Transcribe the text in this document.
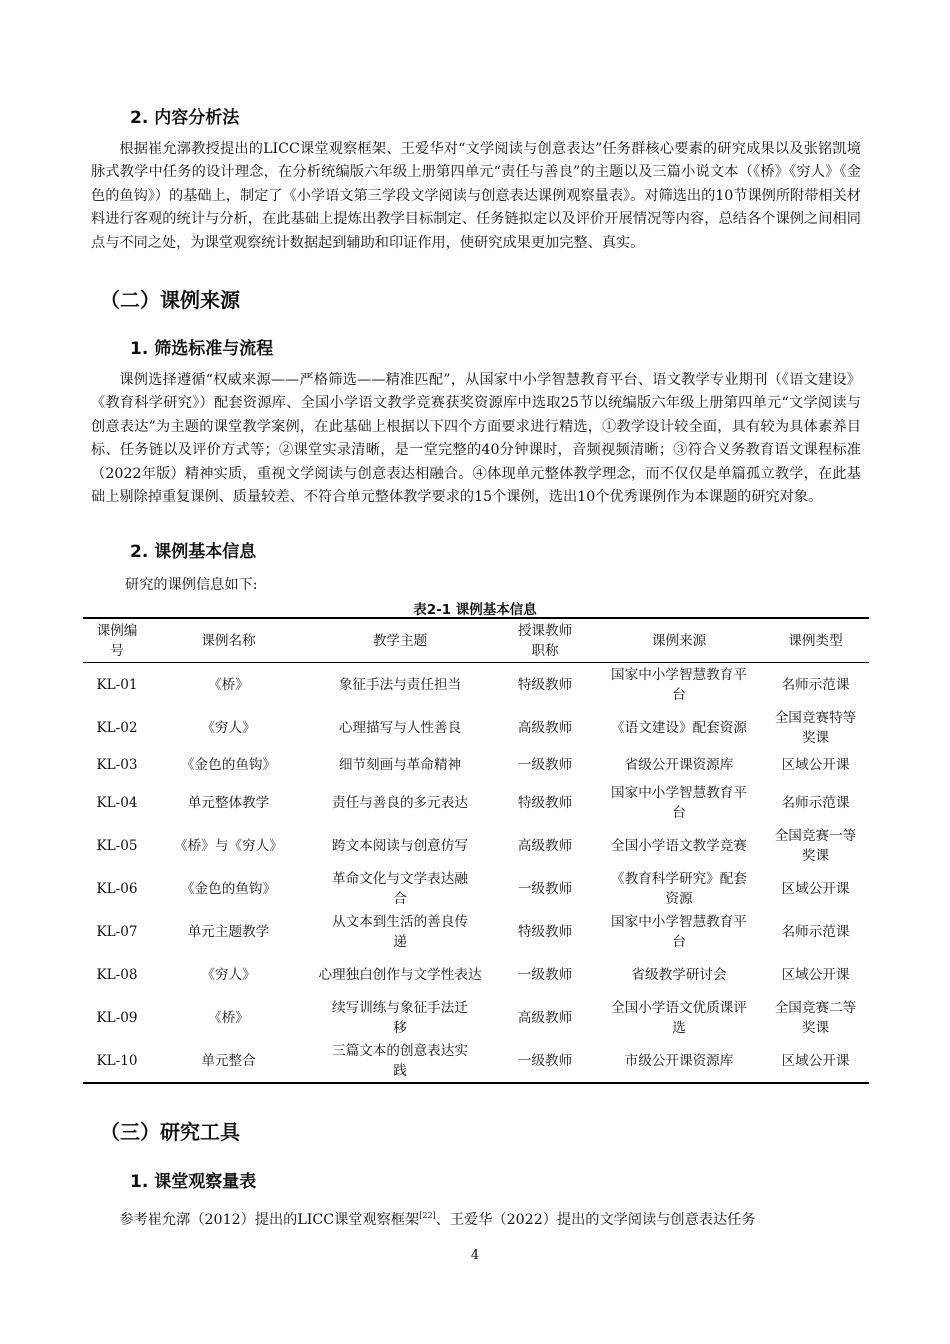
2. 内容分析法
根据崔允漷教授提出的LICC课堂观察框架、王爱华对“文学阅读与创意表达”任务群核心要素的研究成果以及张铭凯境脉式教学中任务的设计理念，在分析统编版六年级上册第四单元“责任与善良”的主题以及三篇小说文本（《桥》《穷人》《金色的鱼钩》）的基础上，制定了《小学语文第三学段文学阅读与创意表达课例观察量表》。对筛选出的10节课例所附带相关材料进行客观的统计与分析，在此基础上提炼出教学目标制定、任务链拟定以及评价开展情况等内容，总结各个课例之间相同点与不同之处，为课堂观察统计数据起到辅助和印证作用，使研究成果更加完整、真实。
（二）课例来源
1. 筛选标准与流程
课例选择遵循“权威来源——严格筛选——精准匹配”，从国家中小学智慧教育平台、语文教学专业期刊（《语文建设》《教育科学研究》）配套资源库、全国小学语文教学竞赛获奖资源库中选取25节以统编版六年级上册第四单元“文学阅读与创意表达”为主题的课堂教学案例，在此基础上根据以下四个方面要求进行精选，①教学设计较全面，具有较为具体素养目标、任务链以及评价方式等；②课堂实录清晰，是一堂完整的40分钟课时，音频视频清晰；③符合义务教育语文课程标准（2022年版）精神实质，重视文学阅读与创意表达相融合。④体现单元整体教学理念，而不仅仅是单篇孤立教学，在此基础上剔除掉重复课例、质量较差、不符合单元整体教学要求的15个课例，选出10个优秀课例作为本课题的研究对象。
2. 课例基本信息
研究的课例信息如下:
表2-1 课例基本信息
课例编号	课例名称	教学主题	授课教师职称	课例来源	课例类型
KL-01	《桥》	象征手法与责任担当	特级教师	国家中小学智慧教育平台	名师示范课
KL-02	《穷人》	心理描写与人性善良	高级教师	《语文建设》配套资源	全国竞赛特等奖课
KL-03	《金色的鱼钩》	细节刻画与革命精神	一级教师	省级公开课资源库	区域公开课
KL-04	单元整体教学	责任与善良的多元表达	特级教师	国家中小学智慧教育平台	名师示范课
KL-05	《桥》与《穷人》	跨文本阅读与创意仿写	高级教师	全国小学语文教学竞赛	全国竞赛一等奖课
KL-06	《金色的鱼钩》	革命文化与文学表达融合	一级教师	《教育科学研究》配套资源	区域公开课
KL-07	单元主题教学	从文本到生活的善良传递	特级教师	国家中小学智慧教育平台	名师示范课
KL-08	《穷人》	心理独白创作与文学性表达	一级教师	省级教学研讨会	区域公开课
KL-09	《桥》	续写训练与象征手法迁移	高级教师	全国小学语文优质课评选	全国竞赛二等奖课
KL-10	单元整合	三篇文本的创意表达实践	一级教师	市级公开课资源库	区域公开课
（三）研究工具
1. 课堂观察量表
参考崔允漷（2012）提出的LICC课堂观察框架[22]、王爱华（2022）提出的文学阅读与创意表达任务
4
